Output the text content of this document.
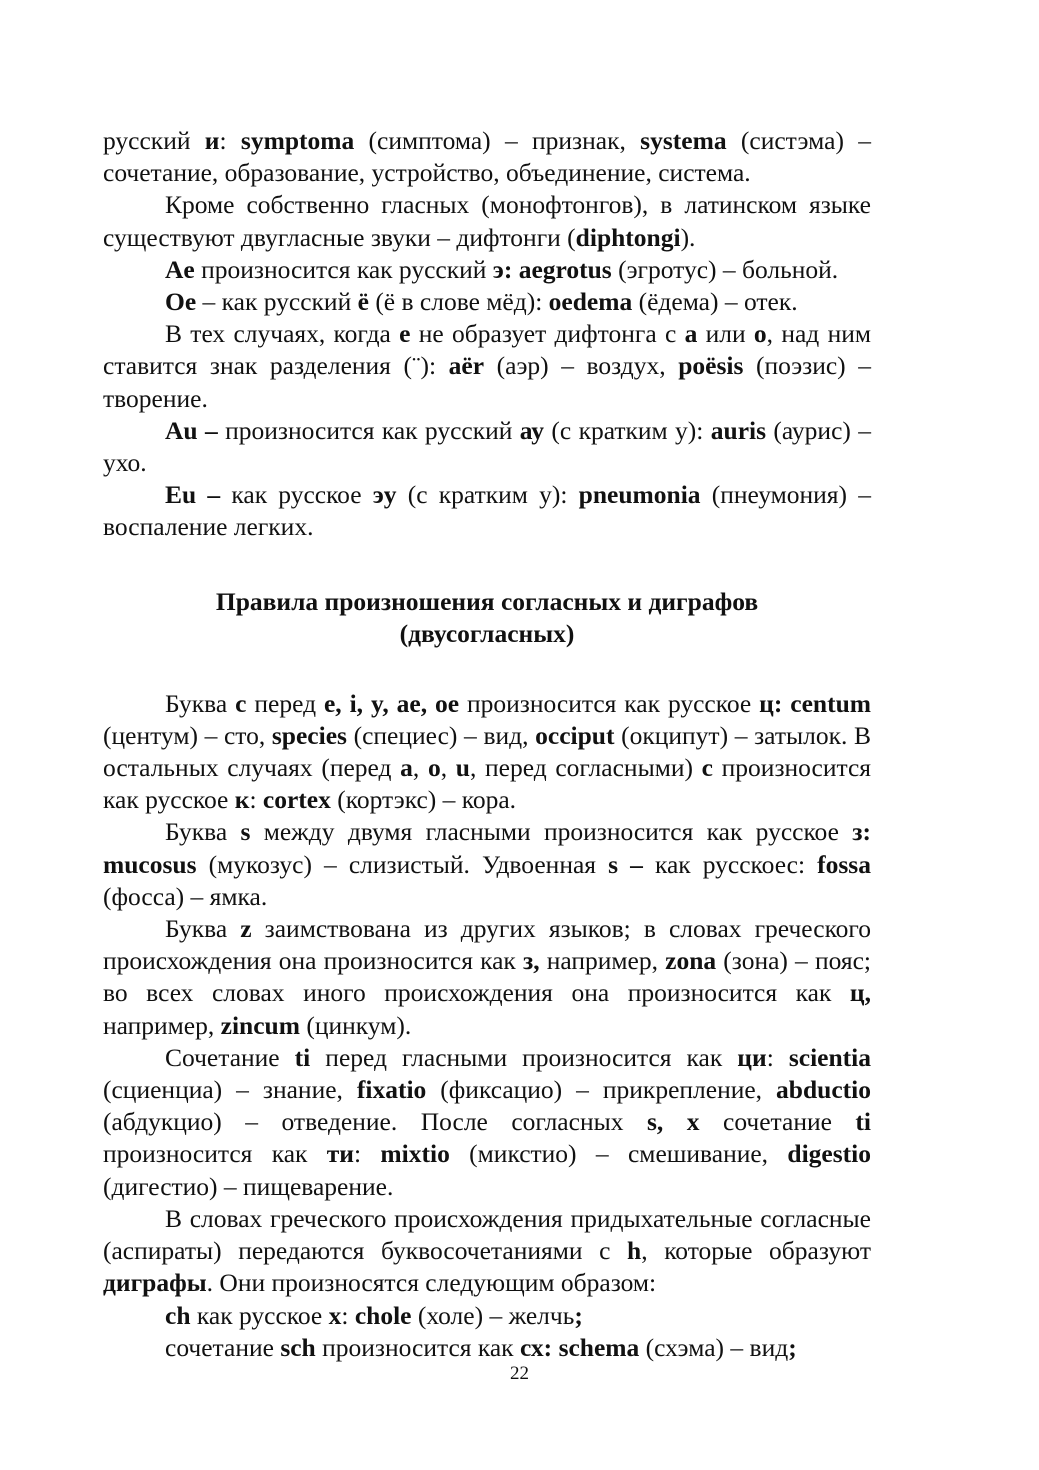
русский и: symptoma (симптома) – признак, systema (систэма) – сочетание, образование, устройство, объединение, система.

Кроме собственно гласных (монофтонгов), в латинском языке существуют двугласные звуки – дифтонги (diphtongi).

Ae произносится как русский э: aegrotus (эгротус) – больной.

Oe – как русский ё (ё в слове мёд): oedema (ёдема) – отек.

В тех случаях, когда e не образует дифтонга с a или o, над ним ставится знак разделения (¨): aër (аэр) – воздух, poësis (поэзис) – творение.

Au – произносится как русский ау (с кратким у): auris (аурис) – ухо.

Eu – как русское эу (с кратким у): pneumonia (пнеумония) – воспаление легких.

Правила произношения согласных и диграфов
(двусогласных)

Буква c перед e, i, y, ae, oe произносится как русское ц: centum (центум) – сто, species (специес) – вид, occiput (окципут) – затылок. В остальных случаях (перед a, o, u, перед согласными) c произносится как русское к: cortex (кортэкс) – кора.

Буква s между двумя гласными произносится как русское з: mucosus (мукозус) – слизистый. Удвоенная s – как русскоес: fossa (фосса) – ямка.

Буква z заимствована из других языков; в словах греческого происхождения она произносится как з, например, zona (зона) – пояс; во всех словах иного происхождения она произносится как ц, например, zincum (цинкум).

Сочетание ti перед гласными произносится как ци: scientia (сциенциа) – знание, fixatio (фиксацио) – прикрепление, abductio (абдукцио) – отведение. После согласных s, x сочетание ti произносится как ти: mixtio (микстио) – смешивание, digestio (дигестио) – пищеварение.

В словах греческого происхождения придыхательные согласные (аспираты) передаются буквосочетаниями с h, которые образуют диграфы. Они произносятся следующим образом:

ch как русское x: chole (холе) – желчь;

сочетание sch произносится как сх: schema (схэма) – вид;

22
